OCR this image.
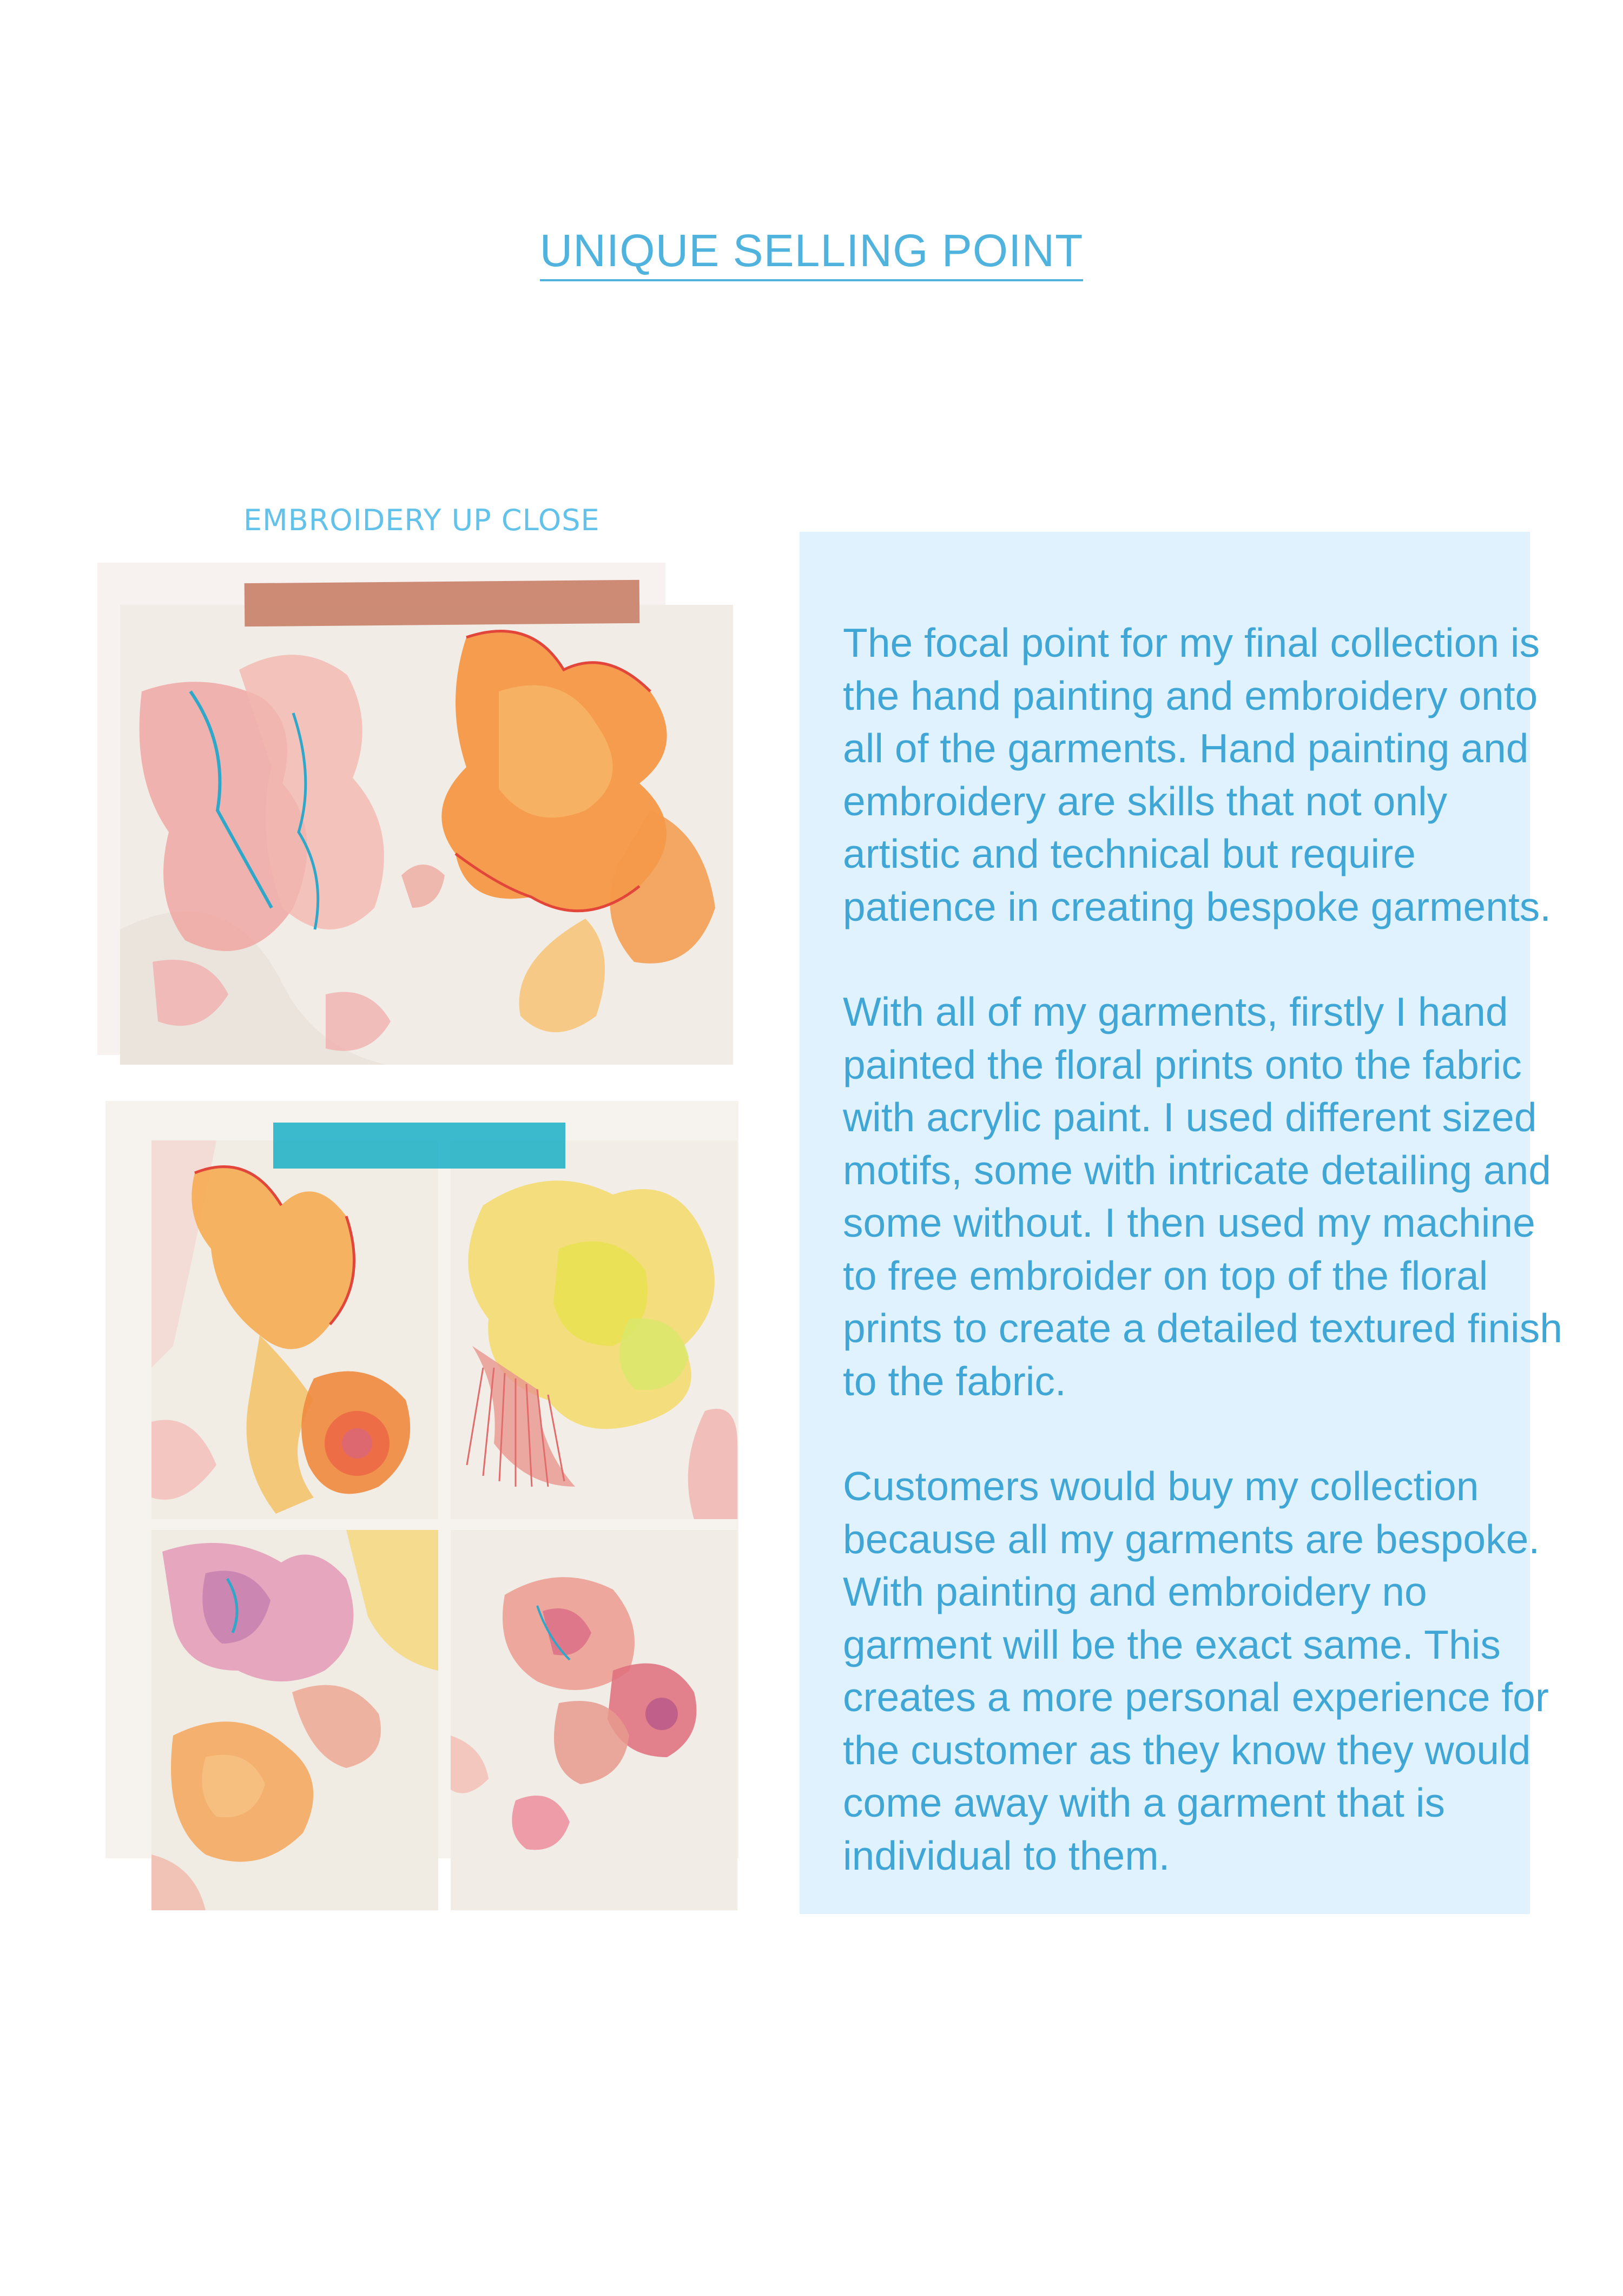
UNIQUE SELLING POINT
EMBROIDERY UP CLOSE

The focal point for my final collection is the hand painting and embroidery onto all of the garments. Hand painting and embroidery are skills that not only artistic and technical but require patience in creating bespoke garments.

With all of my garments, firstly I hand painted the floral prints onto the fabric with acrylic paint. I used different sized motifs, some with intricate detailing and some without. I then used my machine to free embroider on top of the floral prints to create a detailed textured finish to the fabric.

Customers would buy my collection because all my garments are bespoke. With painting and embroidery no garment will be the exact same. This creates a more personal experience for the customer as they know they would come away with a garment that is individual to them.
